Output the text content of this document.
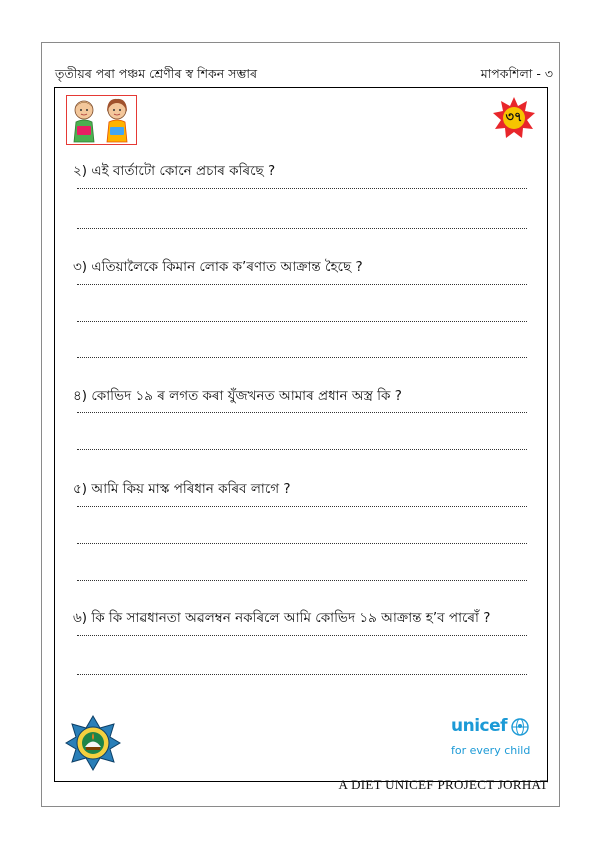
তৃতীয়ৰ পৰা পঞ্চম শ্ৰেণীৰ স্ব শিকন সম্ভাৰ	মাপকশিলা - ৩
৩৭
২) এই বাৰ্তাটো কোনে প্ৰচাৰ কৰিছে ?
৩) এতিয়ালৈকে কিমান লোক ক’ৰণাত আক্ৰান্ত হৈছে ?
৪) কোভিদ ১৯ ৰ লগত কৰা যুঁজখনত আমাৰ প্ৰধান অস্ত্ৰ কি ?
৫) আমি কিয় মাস্ক পৰিধান কৰিব লাগে ?
৬) কি কি সাৱধানতা অৱলম্বন নকৰিলে আমি কোভিদ ১৯ আক্ৰান্ত হ’ব পাৰোঁ ?
unicef
for every child
A DIET UNICEF PROJECT JORHAT
